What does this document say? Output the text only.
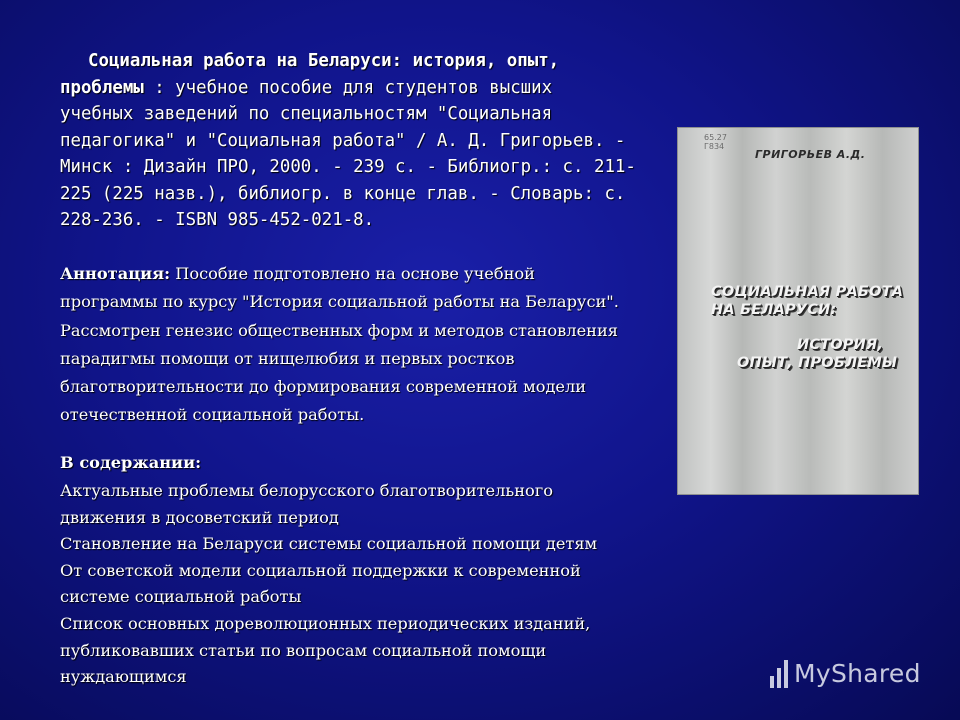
Социальная работа на Беларуси: история, опыт,
проблемы : учебное пособие для студентов высших
учебных заведений по специальностям "Социальная
педагогика" и "Социальная работа" / А. Д. Григорьев. -
Минск : Дизайн ПРО, 2000. - 239 с. - Библиогр.: с. 211-
225 (225 назв.), библиогр. в конце глав. - Словарь: с.
228-236. - ISBN 985-452-021-8.
Аннотация: Пособие подготовлено на основе учебной
программы по курсу "История социальной работы на Беларуси".
Рассмотрен генезис общественных форм и методов становления
парадигмы помощи от нищелюбия и первых ростков
благотворительности до формирования современной модели
отечественной социальной работы.
В содержании:
Актуальные проблемы белорусского благотворительного
движения в досоветский период
Становление на Беларуси системы социальной помощи детям
От советской модели социальной поддержки к современной
системе социальной работы
Список основных дореволюционных периодических изданий,
публиковавших статьи по вопросам социальной помощи
нуждающимся
65.27 Г834
ГРИГОРЬЕВ А.Д.
СОЦИАЛЬНАЯ РАБОТА
НА БЕЛАРУСИ:
ИСТОРИЯ,
ОПЫТ, ПРОБЛЕМЫ
MyShared
